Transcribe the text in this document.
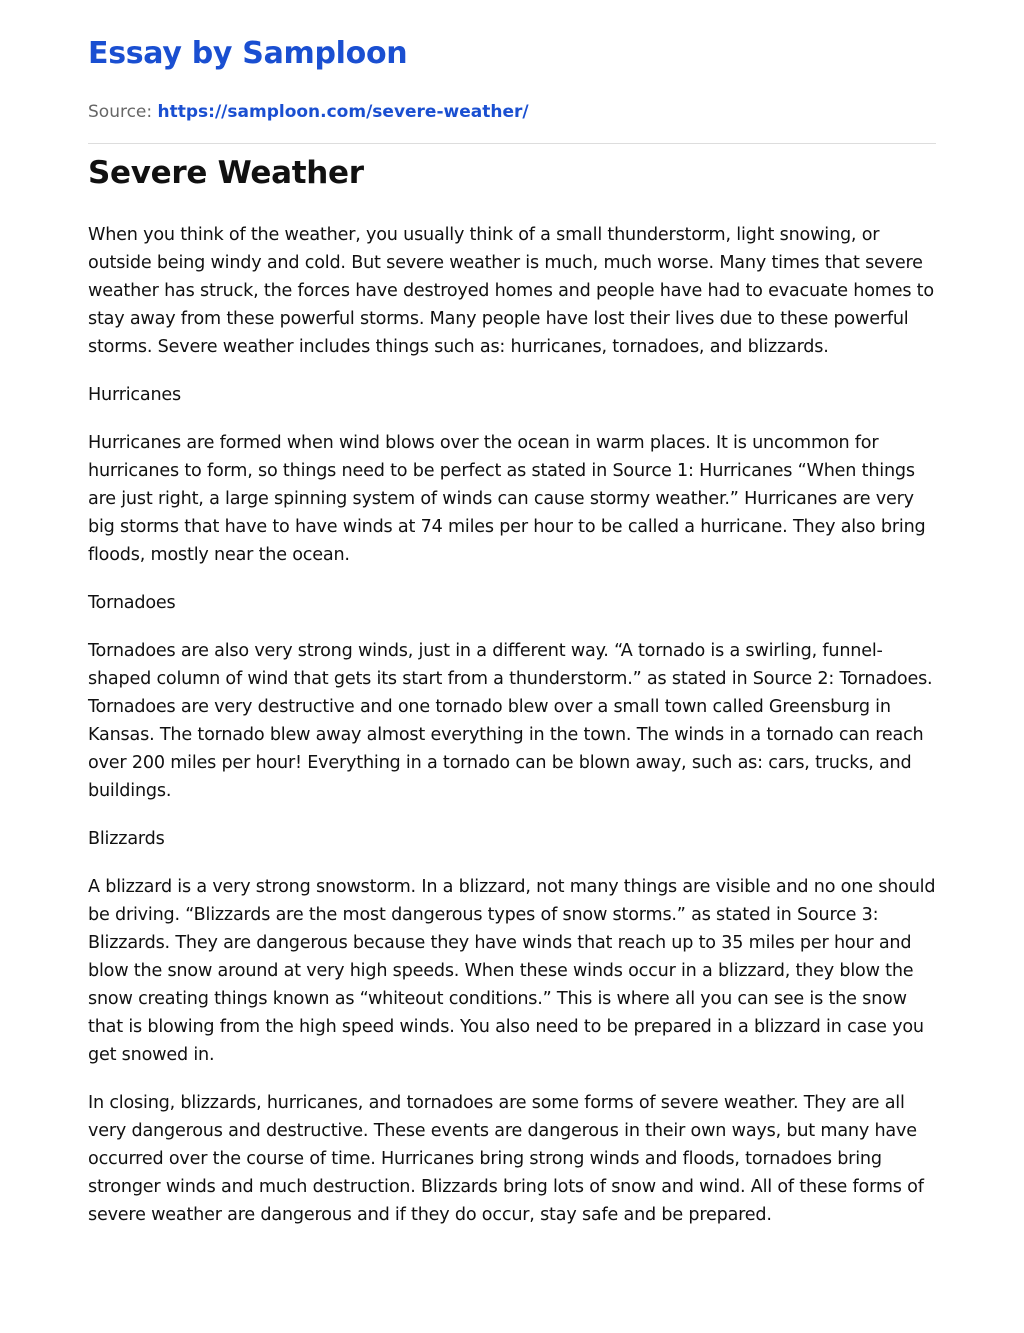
Essay by Samploon
Source: https://samploon.com/severe-weather/
Severe Weather

When you think of the weather, you usually think of a small thunderstorm, light snowing, or outside being windy and cold. But severe weather is much, much worse. Many times that severe weather has struck, the forces have destroyed homes and people have had to evacuate homes to stay away from these powerful storms. Many people have lost their lives due to these powerful storms. Severe weather includes things such as: hurricanes, tornadoes, and blizzards.

Hurricanes

Hurricanes are formed when wind blows over the ocean in warm places. It is uncommon for hurricanes to form, so things need to be perfect as stated in Source 1: Hurricanes “When things are just right, a large spinning system of winds can cause stormy weather.” Hurricanes are very big storms that have to have winds at 74 miles per hour to be called a hurricane. They also bring floods, mostly near the ocean.

Tornadoes

Tornadoes are also very strong winds, just in a different way. “A tornado is a swirling, funnel-shaped column of wind that gets its start from a thunderstorm.” as stated in Source 2: Tornadoes. Tornadoes are very destructive and one tornado blew over a small town called Greensburg in Kansas. The tornado blew away almost everything in the town. The winds in a tornado can reach over 200 miles per hour! Everything in a tornado can be blown away, such as: cars, trucks, and buildings.

Blizzards

A blizzard is a very strong snowstorm. In a blizzard, not many things are visible and no one should be driving. “Blizzards are the most dangerous types of snow storms.” as stated in Source 3: Blizzards. They are dangerous because they have winds that reach up to 35 miles per hour and blow the snow around at very high speeds. When these winds occur in a blizzard, they blow the snow creating things known as “whiteout conditions.” This is where all you can see is the snow that is blowing from the high speed winds. You also need to be prepared in a blizzard in case you get snowed in.

In closing, blizzards, hurricanes, and tornadoes are some forms of severe weather. They are all very dangerous and destructive. These events are dangerous in their own ways, but many have occurred over the course of time. Hurricanes bring strong winds and floods, tornadoes bring stronger winds and much destruction. Blizzards bring lots of snow and wind. All of these forms of severe weather are dangerous and if they do occur, stay safe and be prepared.
